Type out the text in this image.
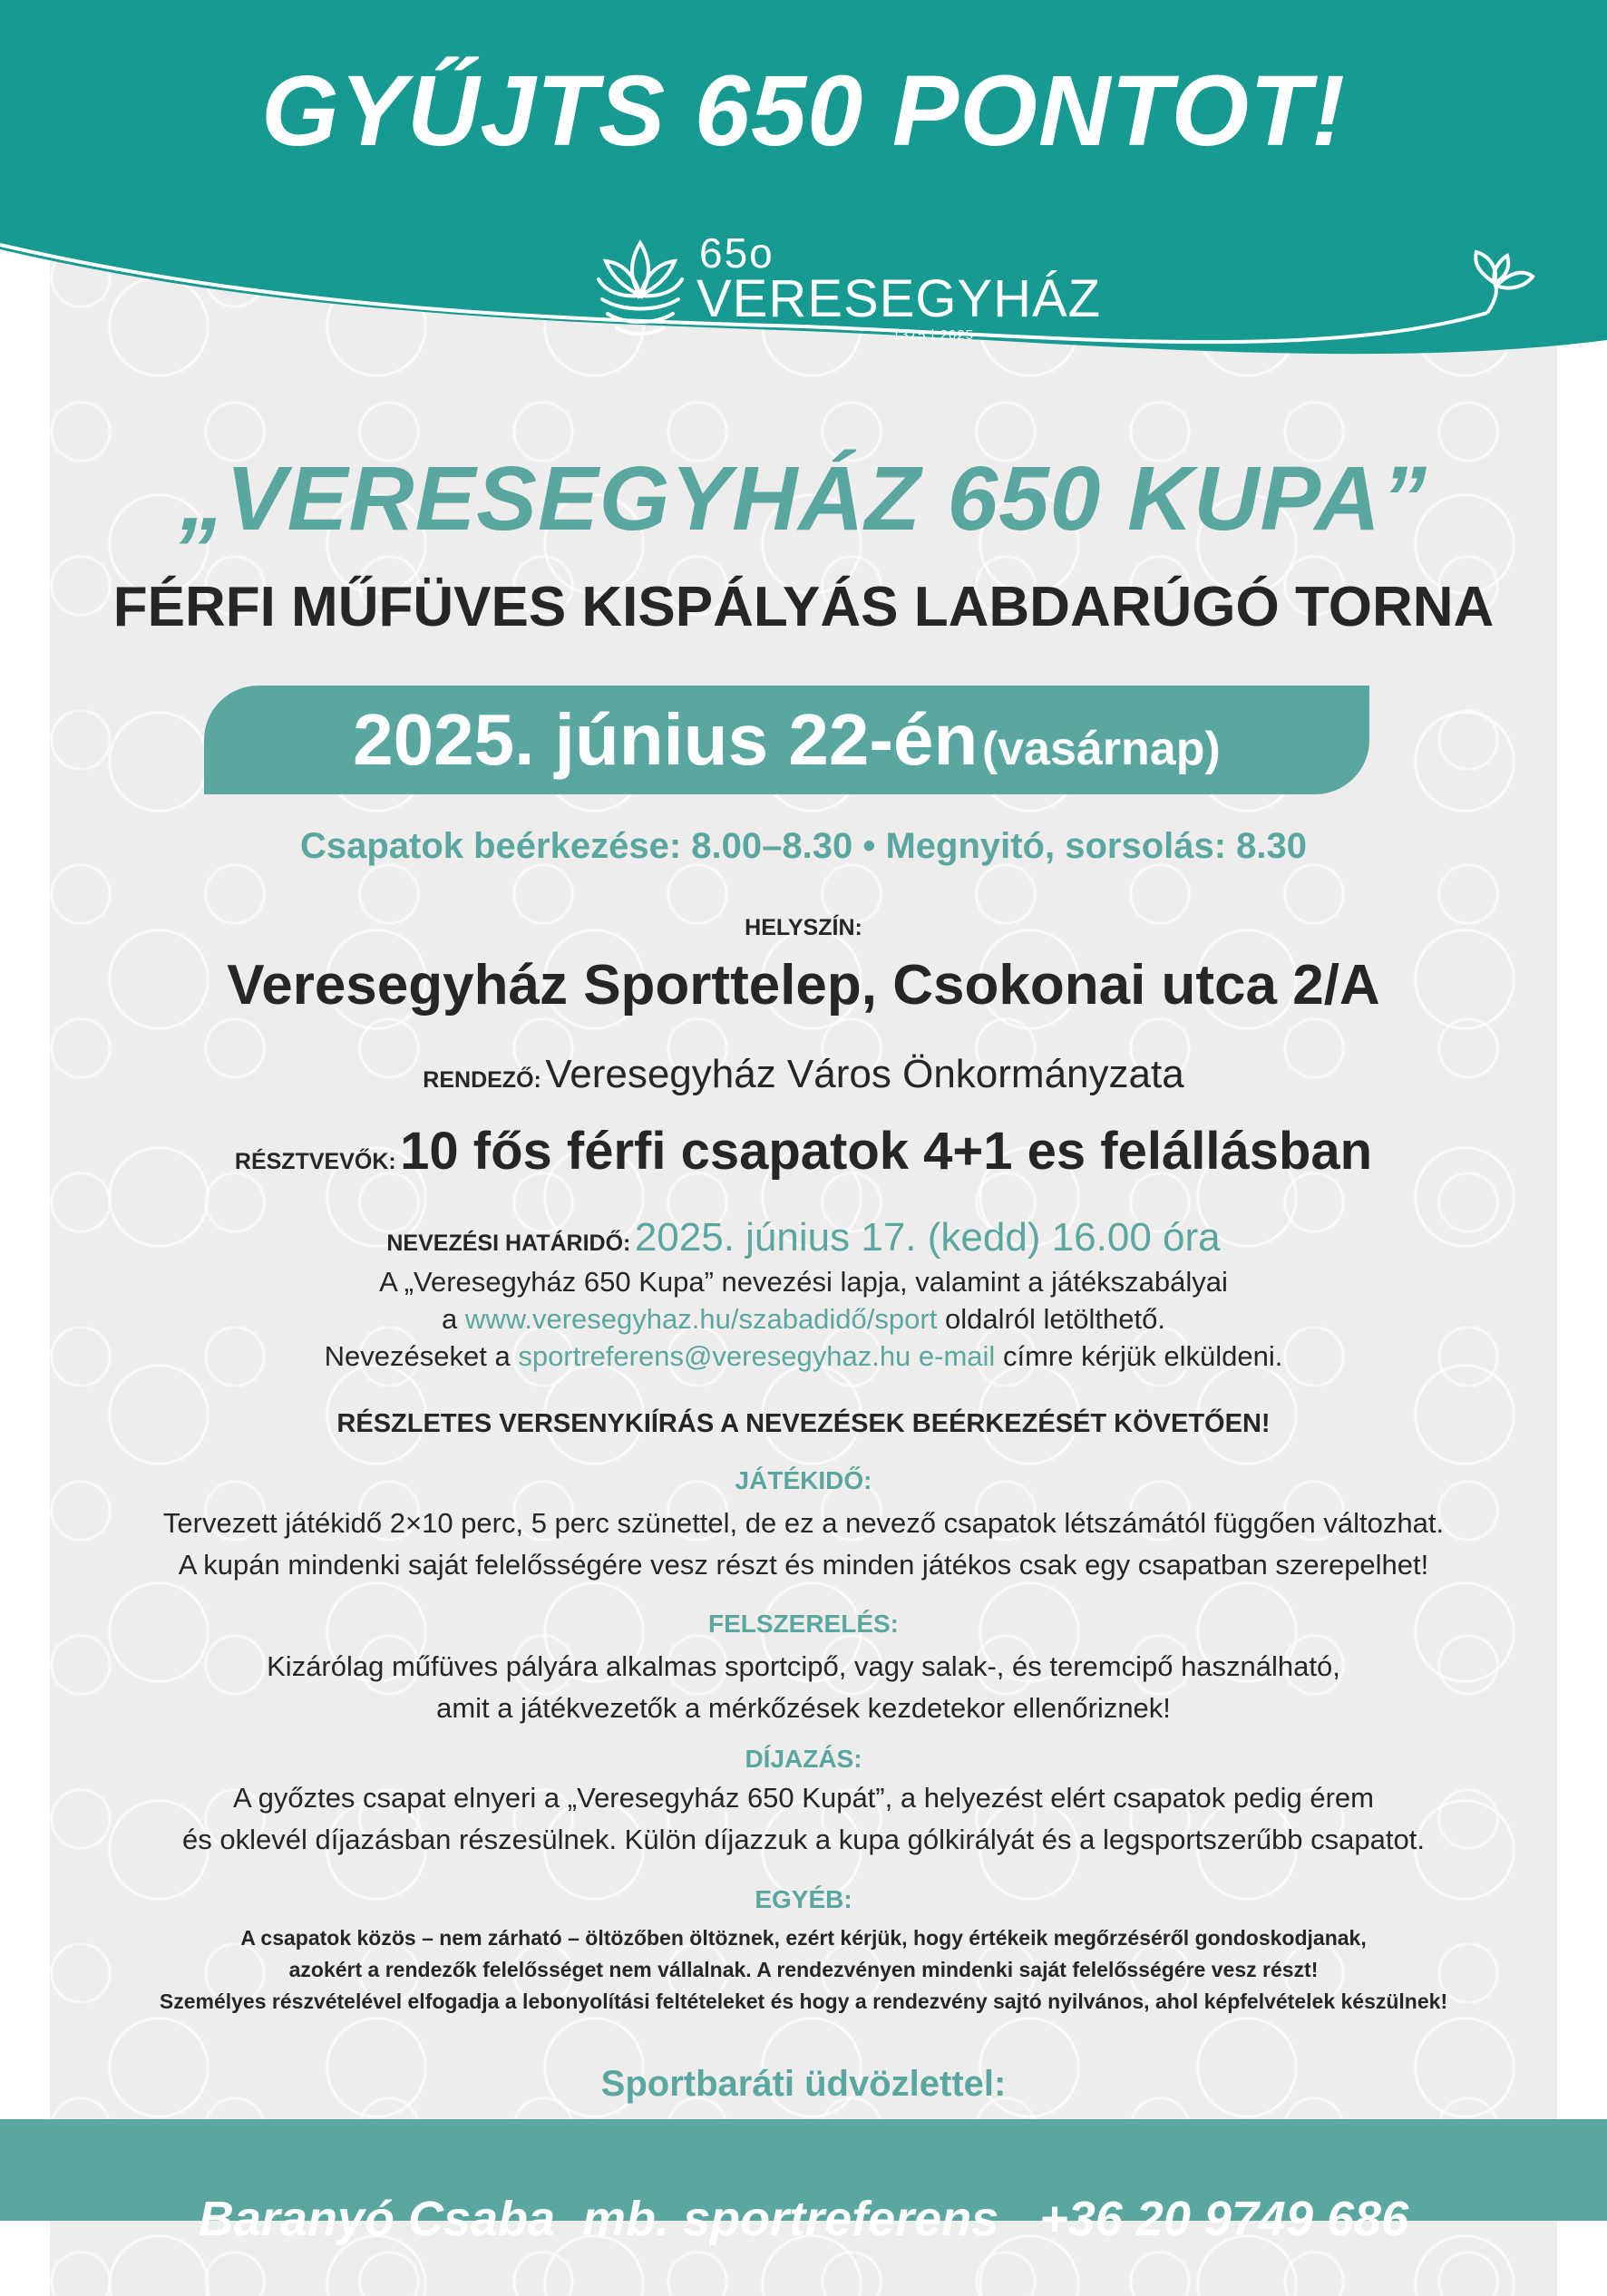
GYŰJTS 650 PONTOT!

65o
VERESEGYHÁZ
1375 | 2025
„VERESEGYHÁZ 650 KUPA”
FÉRFI MŰFÜVES KISPÁLYÁS LABDARÚGÓ TORNA
2025. június 22-én (vasárnap)

Csapatok beérkezése: 8.00–8.30 • Megnyitó, sorsolás: 8.30

HELYSZÍN:

Veresegyház Sporttelep, Csokonai utca 2/A

RENDEZŐ: Veresegyház Város Önkormányzata

RÉSZTVEVŐK: 10 fős férfi csapatok 4+1 es felállásban

NEVEZÉSI HATÁRIDŐ: 2025. június 17. (kedd) 16.00 óra

A „Veresegyház 650 Kupa” nevezési lapja, valamint a játékszabályai

a www.veresegyhaz.hu/szabadidő/sport oldalról letölthető.

Nevezéseket a sportreferens@veresegyhaz.hu e-mail címre kérjük elküldeni.

RÉSZLETES VERSENYKIÍRÁS A NEVEZÉSEK BEÉRKEZÉSÉT KÖVETŐEN!

JÁTÉKIDŐ:

Tervezett játékidő 2×10 perc, 5 perc szünettel, de ez a nevező csapatok létszámától függően változhat.

A kupán mindenki saját felelősségére vesz részt és minden játékos csak egy csapatban szerepelhet!

FELSZERELÉS:

Kizárólag műfüves pályára alkalmas sportcipő, vagy salak-, és teremcipő használható,

amit a játékvezetők a mérkőzések kezdetekor ellenőriznek!

DÍJAZÁS:

A győztes csapat elnyeri a „Veresegyház 650 Kupát”, a helyezést elért csapatok pedig érem

és oklevél díjazásban részesülnek. Külön díjazzuk a kupa gólkirályát és a legsportszerűbb csapatot.

EGYÉB:

A csapatok közös – nem zárható – öltözőben öltöznek, ezért kérjük, hogy értékeik megőrzéséről gondoskodjanak,

azokért a rendezők felelősséget nem vállalnak. A rendezvényen mindenki saját felelősségére vesz részt!

Személyes részvételével elfogadja a lebonyolítási feltételeket és hogy a rendezvény sajtó nyilvános, ahol képfelvételek készülnek!

Sportbaráti üdvözlettel:

Baranyó Csaba  mb. sportreferens   +36 20 9749 686
